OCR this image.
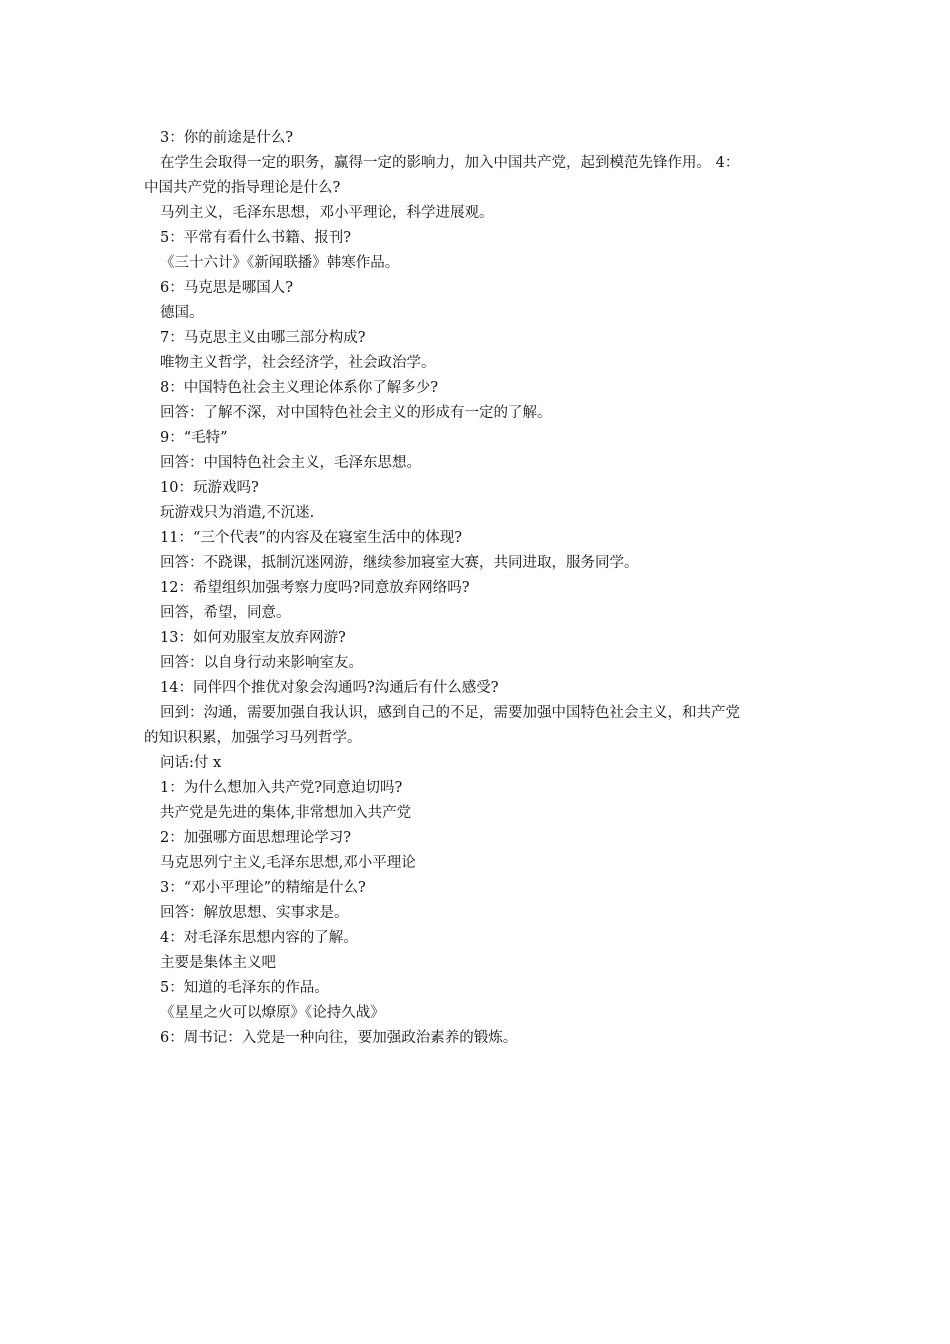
3：你的前途是什么?
在学生会取得一定的职务，赢得一定的影响力，加入中国共产党，起到模范先锋作用。 4：
中国共产党的指导理论是什么?
马列主义，毛泽东思想，邓小平理论，科学进展观。
5：平常有看什么书籍、报刊?
《三十六计》《新闻联播》韩寒作品。
6：马克思是哪国人?
德国。
7：马克思主义由哪三部分构成?
唯物主义哲学，社会经济学，社会政治学。
8：中国特色社会主义理论体系你了解多少?
回答：了解不深，对中国特色社会主义的形成有一定的了解。
9：“毛特”
回答：中国特色社会主义，毛泽东思想。
10：玩游戏吗?
玩游戏只为消遣,不沉迷.
11：“三个代表”的内容及在寝室生活中的体现?
回答：不跷课，抵制沉迷网游，继续参加寝室大赛，共同进取，服务同学。
12：希望组织加强考察力度吗?同意放弃网络吗?
回答，希望，同意。
13：如何劝服室友放弃网游?
回答：以自身行动来影响室友。
14：同伴四个推优对象会沟通吗?沟通后有什么感受?
回到：沟通，需要加强自我认识，感到自己的不足，需要加强中国特色社会主义，和共产党
的知识积累，加强学习马列哲学。
问话:付 x
1：为什么想加入共产党?同意迫切吗?
共产党是先进的集体,非常想加入共产党
2：加强哪方面思想理论学习?
马克思列宁主义,毛泽东思想,邓小平理论
3：“邓小平理论”的精缩是什么?
回答：解放思想、实事求是。
4：对毛泽东思想内容的了解。
主要是集体主义吧
5：知道的毛泽东的作品。
《星星之火可以燎原》《论持久战》
6：周书记：入党是一种向往，要加强政治素养的锻炼。
